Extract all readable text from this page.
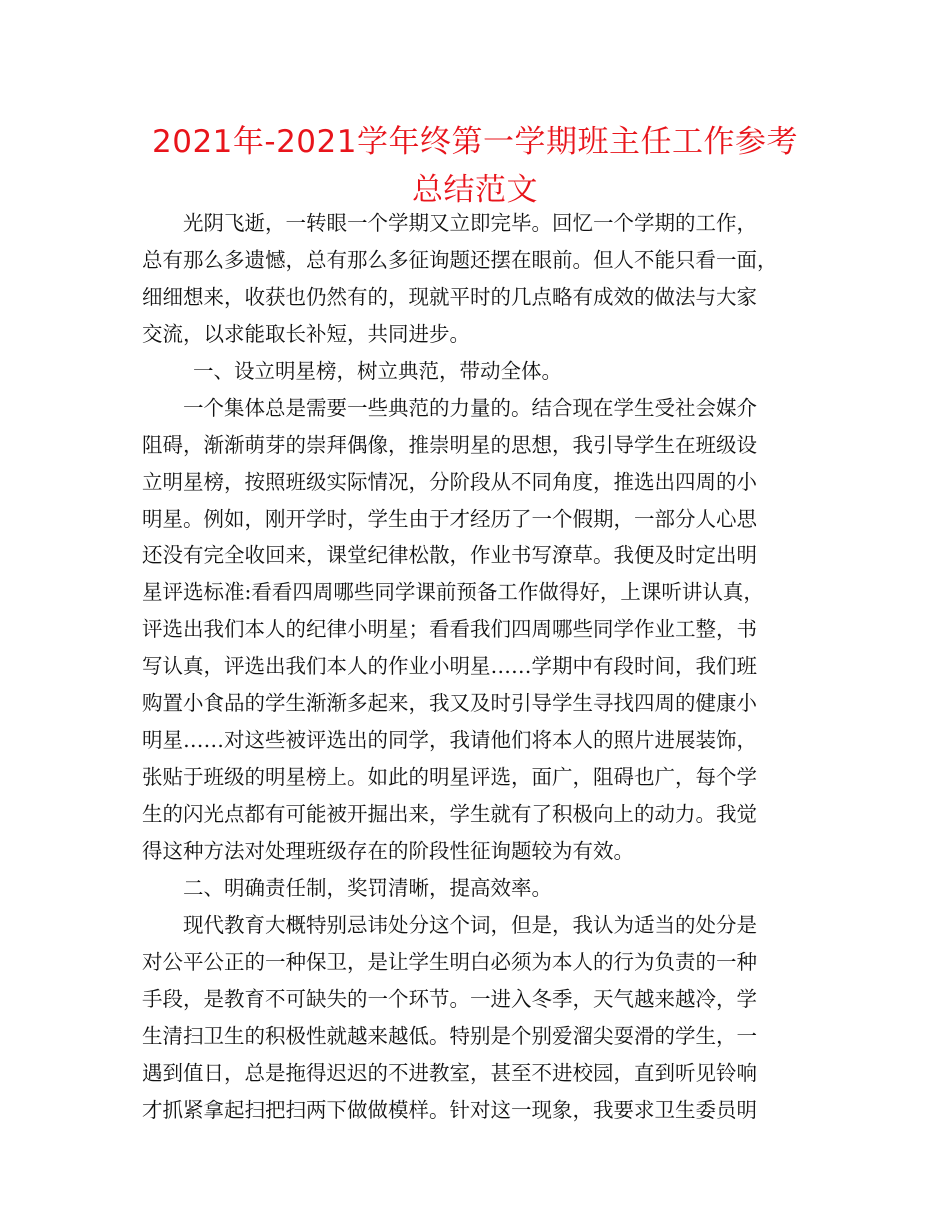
2021年-2021学年终第一学期班主任工作参考
总结范文
光阴飞逝，一转眼一个学期又立即完毕。回忆一个学期的工作，
总有那么多遗憾，总有那么多征询题还摆在眼前。但人不能只看一面，
细细想来，收获也仍然有的，现就平时的几点略有成效的做法与大家
交流，以求能取长补短，共同进步。
一、设立明星榜，树立典范，带动全体。
一个集体总是需要一些典范的力量的。结合现在学生受社会媒介
阻碍，渐渐萌芽的崇拜偶像，推崇明星的思想，我引导学生在班级设
立明星榜，按照班级实际情况，分阶段从不同角度，推选出四周的小
明星。例如，刚开学时，学生由于才经历了一个假期，一部分人心思
还没有完全收回来，课堂纪律松散，作业书写潦草。我便及时定出明
星评选标准:看看四周哪些同学课前预备工作做得好，上课听讲认真，
评选出我们本人的纪律小明星；看看我们四周哪些同学作业工整，书
写认真，评选出我们本人的作业小明星……学期中有段时间，我们班
购置小食品的学生渐渐多起来，我又及时引导学生寻找四周的健康小
明星……对这些被评选出的同学，我请他们将本人的照片进展装饰，
张贴于班级的明星榜上。如此的明星评选，面广，阻碍也广，每个学
生的闪光点都有可能被开掘出来，学生就有了积极向上的动力。我觉
得这种方法对处理班级存在的阶段性征询题较为有效。
二、明确责任制，奖罚清晰，提高效率。
现代教育大概特别忌讳处分这个词，但是，我认为适当的处分是
对公平公正的一种保卫，是让学生明白必须为本人的行为负责的一种
手段，是教育不可缺失的一个环节。一进入冬季，天气越来越冷，学
生清扫卫生的积极性就越来越低。特别是个别爱溜尖耍滑的学生，一
遇到值日，总是拖得迟迟的不进教室，甚至不进校园，直到听见铃响
才抓紧拿起扫把扫两下做做模样。针对这一现象，我要求卫生委员明
